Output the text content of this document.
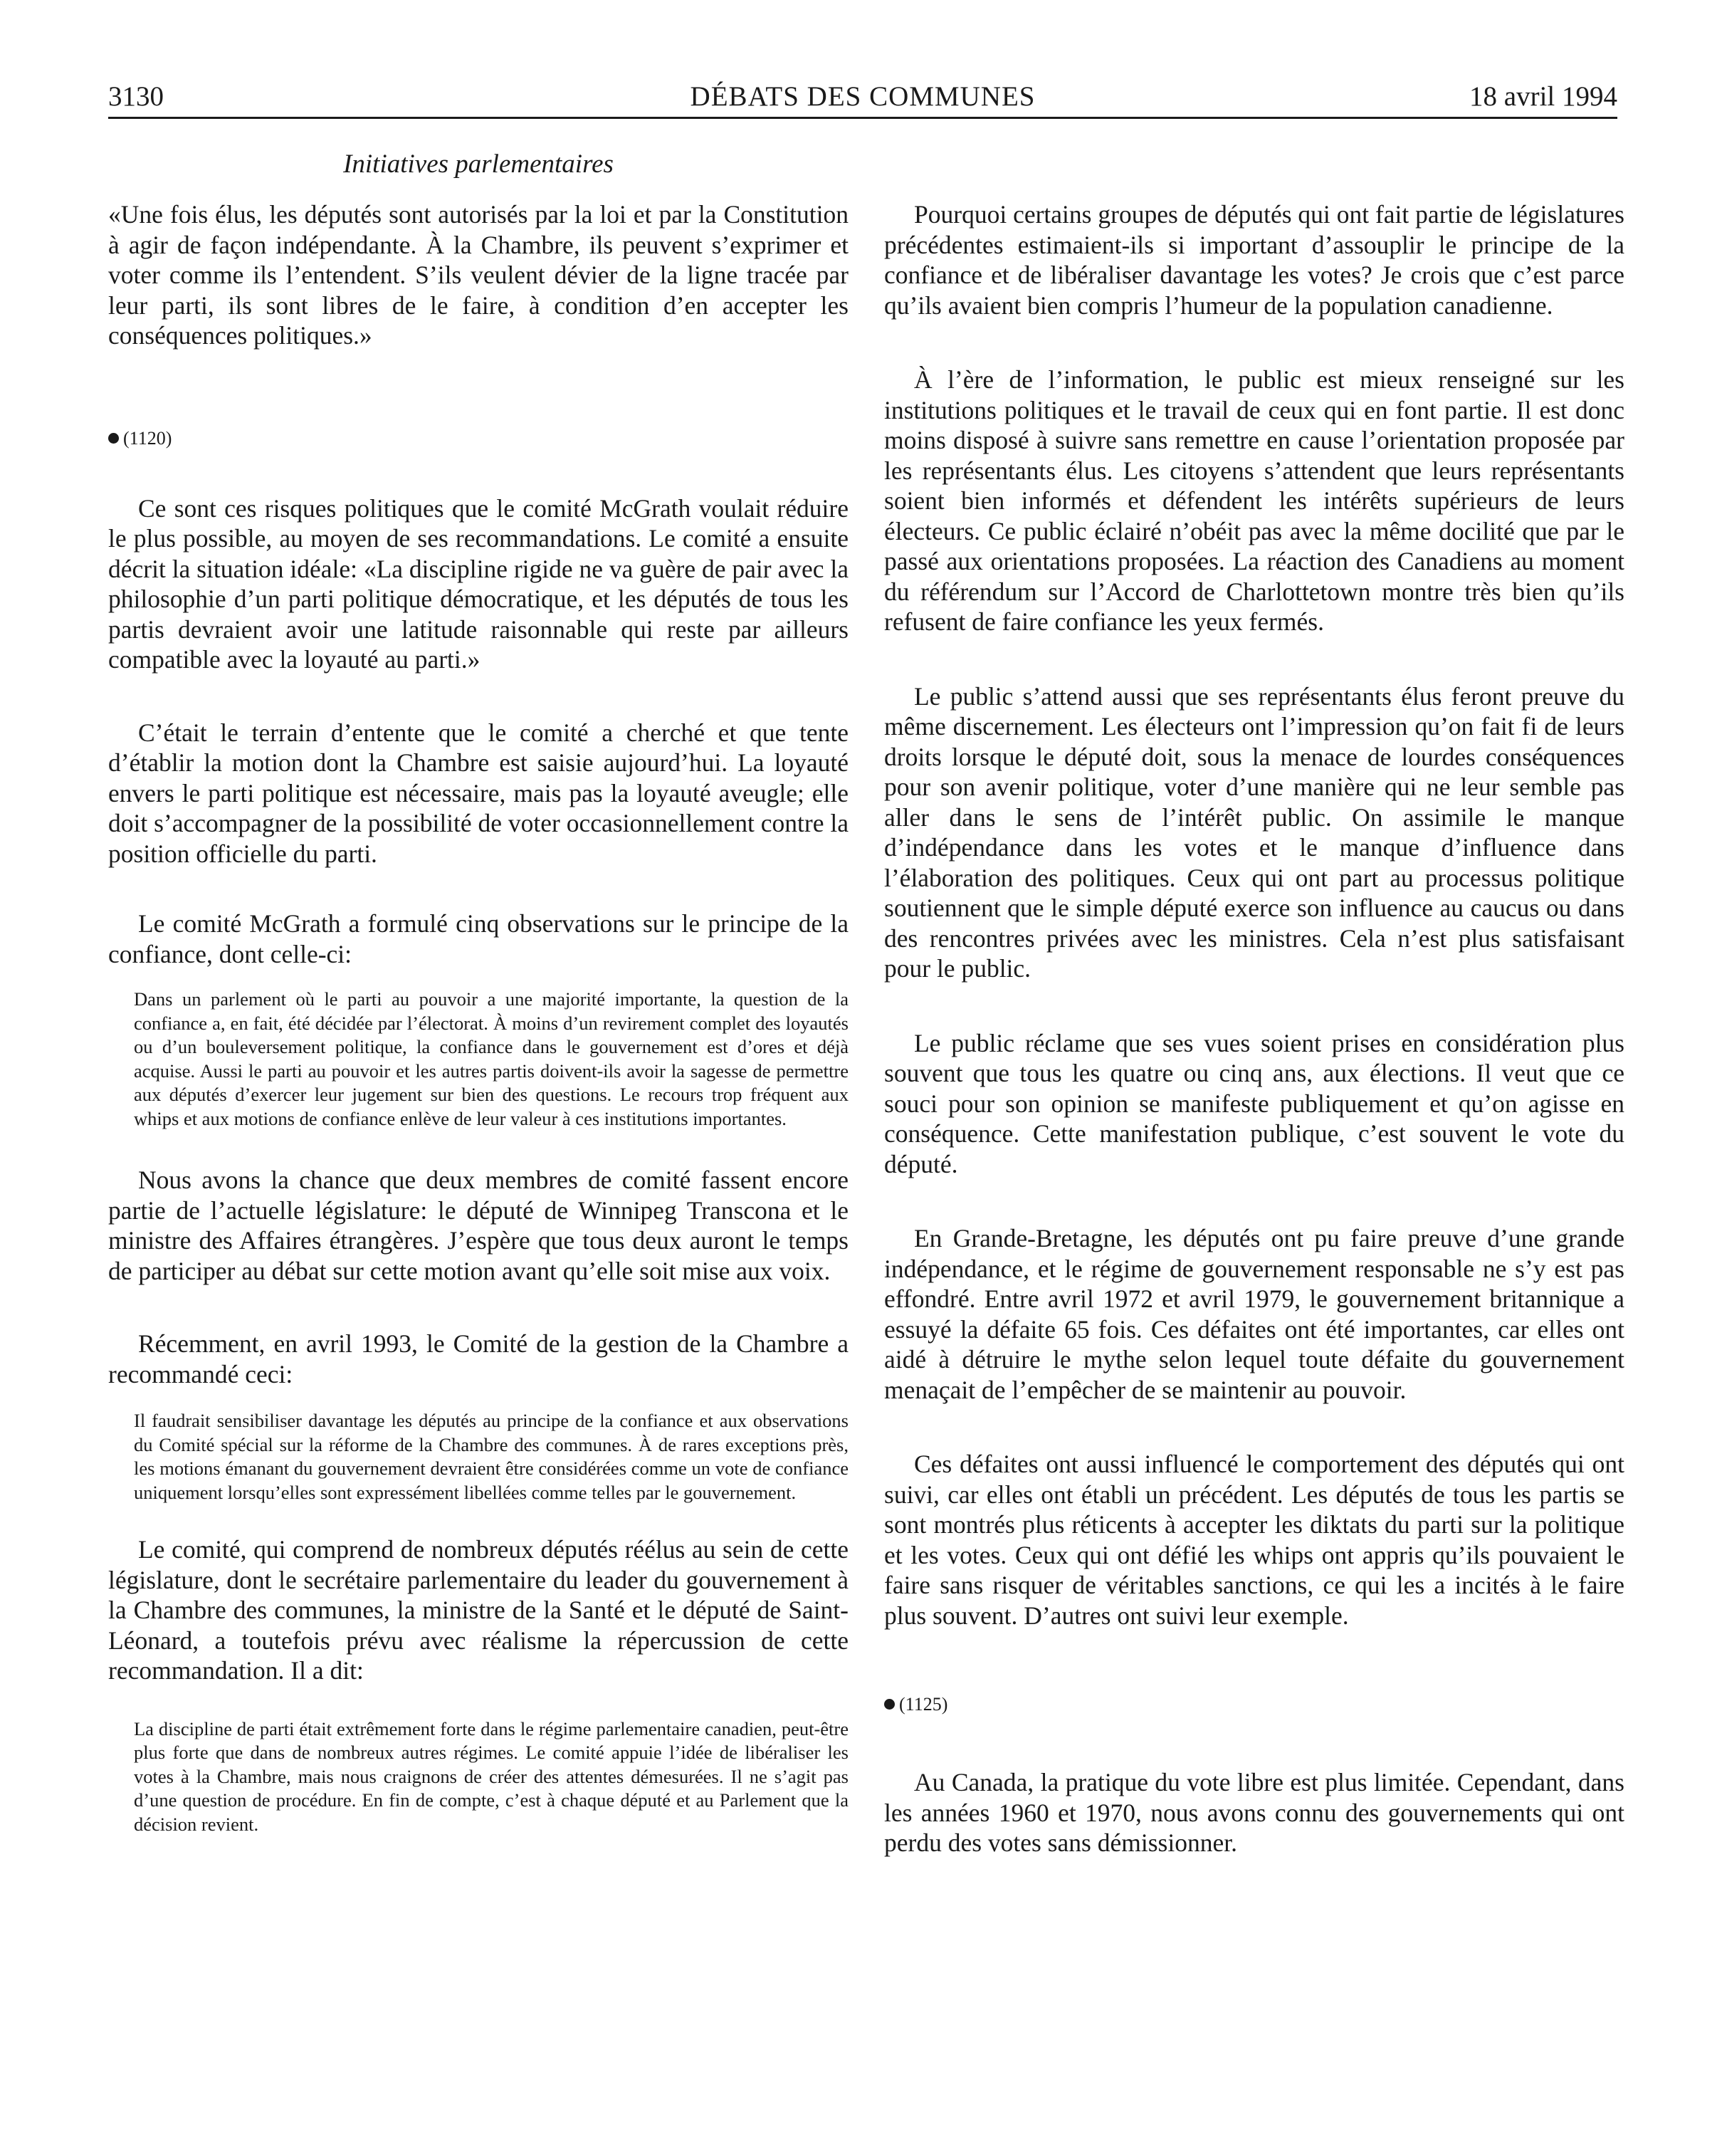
3130	DÉBATS DES COMMUNES	18 avril 1994
Initiatives parlementaires

«Une fois élus, les députés sont autorisés par la loi et par la Constitution à agir de façon indépendante. À la Chambre, ils peuvent s’exprimer et voter comme ils l’entendent. S’ils veulent dévier de la ligne tracée par leur parti, ils sont libres de le faire, à condition d’en accepter les conséquences politiques.»

(1120)

Ce sont ces risques politiques que le comité McGrath voulait réduire le plus possible, au moyen de ses recommandations. Le comité a ensuite décrit la situation idéale: «La discipline rigide ne va guère de pair avec la philosophie d’un parti politique démocratique, et les députés de tous les partis devraient avoir une latitude raisonnable qui reste par ailleurs compatible avec la loyauté au parti.»

C’était le terrain d’entente que le comité a cherché et que tente d’établir la motion dont la Chambre est saisie aujourd’hui. La loyauté envers le parti politique est nécessaire, mais pas la loyauté aveugle; elle doit s’accompagner de la possibilité de voter occasionnellement contre la position officielle du parti.

Le comité McGrath a formulé cinq observations sur le principe de la confiance, dont celle-ci:

Dans un parlement où le parti au pouvoir a une majorité importante, la question de la confiance a, en fait, été décidée par l’électorat. À moins d’un revirement complet des loyautés ou d’un bouleversement politique, la confiance dans le gouvernement est d’ores et déjà acquise. Aussi le parti au pouvoir et les autres partis doivent-ils avoir la sagesse de permettre aux députés d’exercer leur jugement sur bien des questions. Le recours trop fréquent aux whips et aux motions de confiance enlève de leur valeur à ces institutions importantes.

Nous avons la chance que deux membres de comité fassent encore partie de l’actuelle législature: le député de Winnipeg Transcona et le ministre des Affaires étrangères. J’espère que tous deux auront le temps de participer au débat sur cette motion avant qu’elle soit mise aux voix.

Récemment, en avril 1993, le Comité de la gestion de la Chambre a recommandé ceci:

Il faudrait sensibiliser davantage les députés au principe de la confiance et aux observations du Comité spécial sur la réforme de la Chambre des communes. À de rares exceptions près, les motions émanant du gouvernement devraient être considérées comme un vote de confiance uniquement lorsqu’elles sont expressément libellées comme telles par le gouvernement.

Le comité, qui comprend de nombreux députés réélus au sein de cette législature, dont le secrétaire parlementaire du leader du gouvernement à la Chambre des communes, la ministre de la Santé et le député de Saint-Léonard, a toutefois prévu avec réalisme la répercussion de cette recommandation. Il a dit:

La discipline de parti était extrêmement forte dans le régime parlementaire canadien, peut-être plus forte que dans de nombreux autres régimes. Le comité appuie l’idée de libéraliser les votes à la Chambre, mais nous craignons de créer des attentes démesurées. Il ne s’agit pas d’une question de procédure. En fin de compte, c’est à chaque député et au Parlement que la décision revient.

Pourquoi certains groupes de députés qui ont fait partie de législatures précédentes estimaient-ils si important d’assouplir le principe de la confiance et de libéraliser davantage les votes? Je crois que c’est parce qu’ils avaient bien compris l’humeur de la population canadienne.

À l’ère de l’information, le public est mieux renseigné sur les institutions politiques et le travail de ceux qui en font partie. Il est donc moins disposé à suivre sans remettre en cause l’orientation proposée par les représentants élus. Les citoyens s’attendent que leurs représentants soient bien informés et défendent les intérêts supérieurs de leurs électeurs. Ce public éclairé n’obéit pas avec la même docilité que par le passé aux orientations proposées. La réaction des Canadiens au moment du référendum sur l’Accord de Charlottetown montre très bien qu’ils refusent de faire confiance les yeux fermés.

Le public s’attend aussi que ses représentants élus feront preuve du même discernement. Les électeurs ont l’impression qu’on fait fi de leurs droits lorsque le député doit, sous la menace de lourdes conséquences pour son avenir politique, voter d’une manière qui ne leur semble pas aller dans le sens de l’intérêt public. On assimile le manque d’indépendance dans les votes et le manque d’influence dans l’élaboration des politiques. Ceux qui ont part au processus politique soutiennent que le simple député exerce son influence au caucus ou dans des rencontres privées avec les ministres. Cela n’est plus satisfaisant pour le public.

Le public réclame que ses vues soient prises en considération plus souvent que tous les quatre ou cinq ans, aux élections. Il veut que ce souci pour son opinion se manifeste publiquement et qu’on agisse en conséquence. Cette manifestation publique, c’est souvent le vote du député.

En Grande-Bretagne, les députés ont pu faire preuve d’une grande indépendance, et le régime de gouvernement responsable ne s’y est pas effondré. Entre avril 1972 et avril 1979, le gouvernement britannique a essuyé la défaite 65 fois. Ces défaites ont été importantes, car elles ont aidé à détruire le mythe selon lequel toute défaite du gouvernement menaçait de l’empêcher de se maintenir au pouvoir.

Ces défaites ont aussi influencé le comportement des députés qui ont suivi, car elles ont établi un précédent. Les députés de tous les partis se sont montrés plus réticents à accepter les diktats du parti sur la politique et les votes. Ceux qui ont défié les whips ont appris qu’ils pouvaient le faire sans risquer de véritables sanctions, ce qui les a incités à le faire plus souvent. D’autres ont suivi leur exemple.

(1125)

Au Canada, la pratique du vote libre est plus limitée. Cependant, dans les années 1960 et 1970, nous avons connu des gouvernements qui ont perdu des votes sans démissionner.
